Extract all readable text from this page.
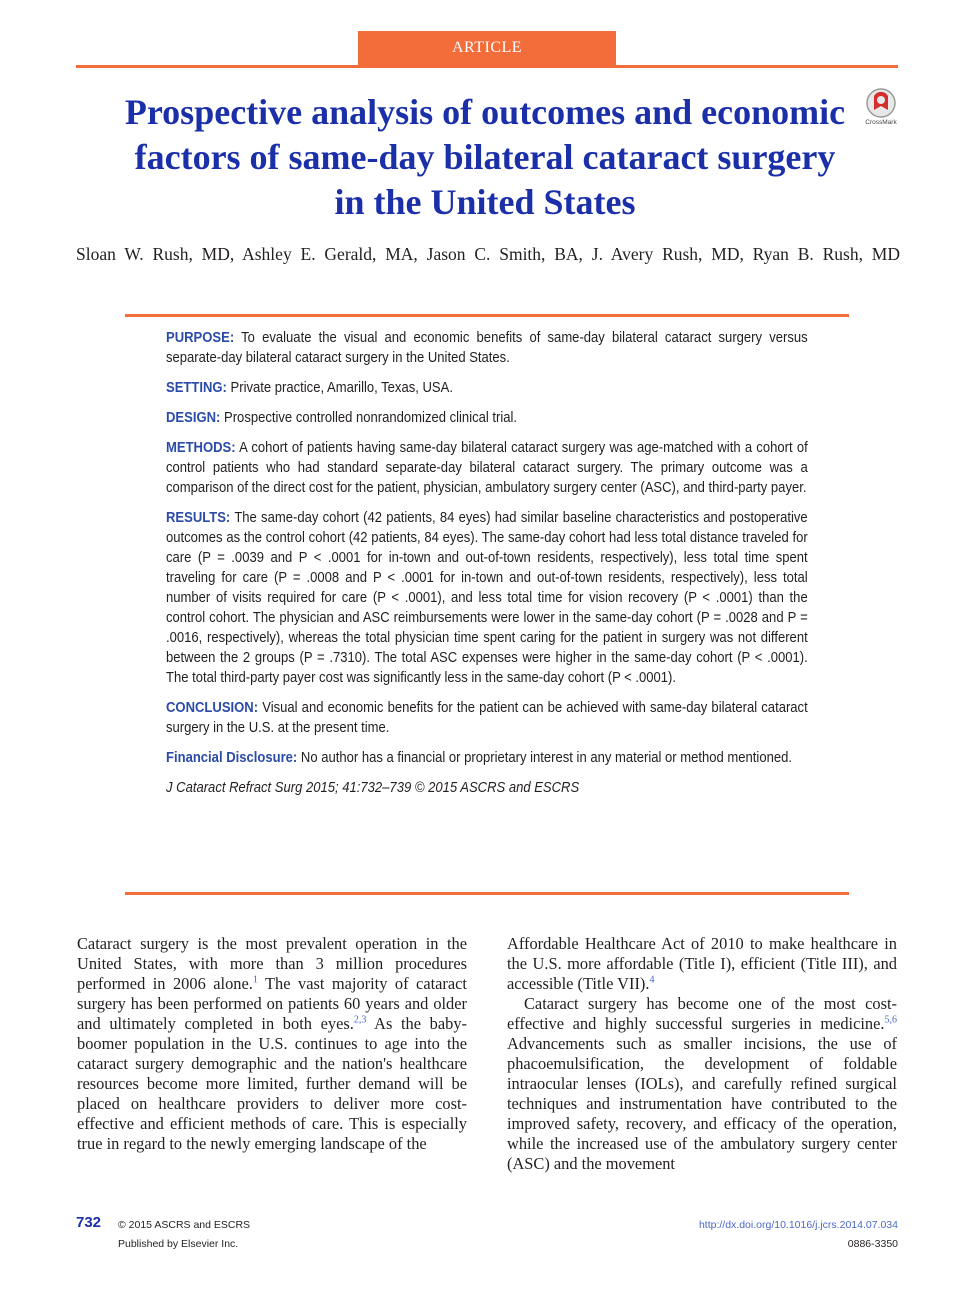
ARTICLE
Prospective analysis of outcomes and economic factors of same-day bilateral cataract surgery in the United States
CrossMark
Sloan W. Rush, MD, Ashley E. Gerald, MA, Jason C. Smith, BA, J. Avery Rush, MD, Ryan B. Rush, MD

PURPOSE: To evaluate the visual and economic benefits of same-day bilateral cataract surgery versus separate-day bilateral cataract surgery in the United States.

SETTING: Private practice, Amarillo, Texas, USA.

DESIGN: Prospective controlled nonrandomized clinical trial.

METHODS: A cohort of patients having same-day bilateral cataract surgery was age-matched with a cohort of control patients who had standard separate-day bilateral cataract surgery. The primary outcome was a comparison of the direct cost for the patient, physician, ambulatory surgery center (ASC), and third-party payer.

RESULTS: The same-day cohort (42 patients, 84 eyes) had similar baseline characteristics and postoperative outcomes as the control cohort (42 patients, 84 eyes). The same-day cohort had less total distance traveled for care (P = .0039 and P < .0001 for in-town and out-of-town residents, respectively), less total time spent traveling for care (P = .0008 and P < .0001 for in-town and out-of-town residents, respectively), less total number of visits required for care (P < .0001), and less total time for vision recovery (P < .0001) than the control cohort. The physician and ASC reimbursements were lower in the same-day cohort (P = .0028 and P = .0016, respectively), whereas the total physician time spent caring for the patient in surgery was not different between the 2 groups (P = .7310). The total ASC expenses were higher in the same-day cohort (P < .0001). The total third-party payer cost was significantly less in the same-day cohort (P < .0001).

CONCLUSION: Visual and economic benefits for the patient can be achieved with same-day bilateral cataract surgery in the U.S. at the present time.

Financial Disclosure: No author has a financial or proprietary interest in any material or method mentioned.

J Cataract Refract Surg 2015; 41:732–739 © 2015 ASCRS and ESCRS

Cataract surgery is the most prevalent operation in the United States, with more than 3 million procedures performed in 2006 alone.$^1$ The vast majority of cataract surgery has been performed on patients 60 years and older and ultimately completed in both eyes.$^{2,3}$ As the baby-boomer population in the U.S. continues to age into the cataract surgery demographic and the nation's healthcare resources become more limited, further demand will be placed on healthcare providers to deliver more cost-effective and efficient methods of care. This is especially true in regard to the newly emerging landscape of the

Affordable Healthcare Act of 2010 to make healthcare in the U.S. more affordable (Title I), efficient (Title III), and accessible (Title VII).$^4$

Cataract surgery has become one of the most cost-effective and highly successful surgeries in medicine.$^{5,6}$ Advancements such as smaller incisions, the use of phacoemulsification, the development of foldable intraocular lenses (IOLs), and carefully refined surgical techniques and instrumentation have contributed to the improved safety, recovery, and efficacy of the operation, while the increased use of the ambulatory surgery center (ASC) and the movement

732 © 2015 ASCRS and ESCRS
Published by Elsevier Inc.
http://dx.doi.org/10.1016/j.jcrs.2014.07.034
0886-3350
